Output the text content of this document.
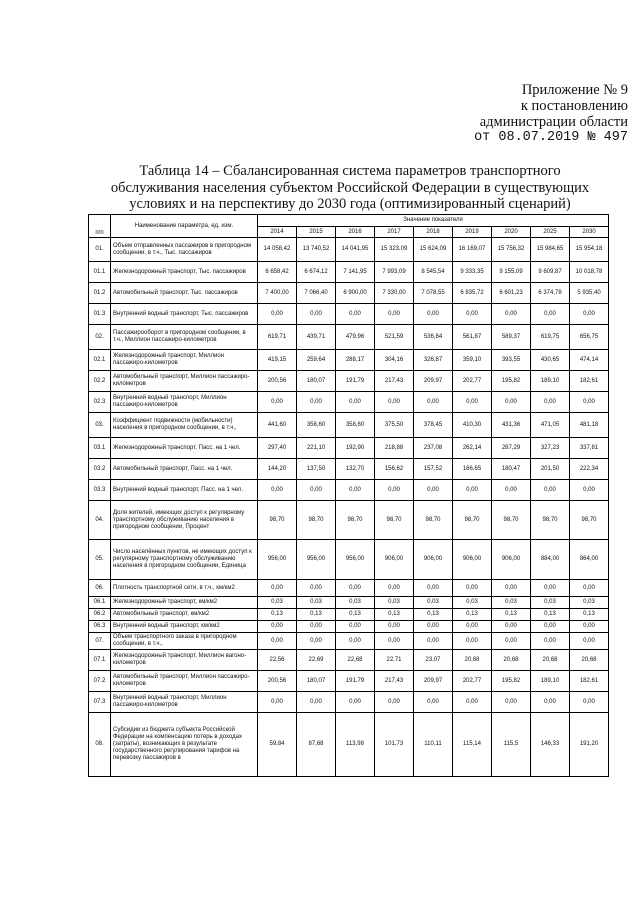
Приложение № 9
к постановлению
администрации области
от 08.07.2019 № 497
Таблица 14 – Сбалансированная система параметров транспортного обслуживания населения субъектом Российской Федерации в существующих условиях и на перспективу до 2030 года (оптимизированный сценарий)
п/п	Наименование параметра, ед. изм.	Значение показателя								
		2014	2015	2016	2017	2018	2019	2020	2025	2030
01.	Объем отправленных пассажиров в пригородном сообщении, в т.ч., Тыс. пассажиров	14 058,42	13 740,52	14 041,95	15 323,09	15 624,09	16 169,07	15 756,32	15 984,65	15 954,18
01.1	Железнодорожный транспорт, Тыс. пассажиров	6 658,42	6 674,12	7 141,95	7 993,09	8 545,54	9 333,35	9 155,09	9 609,87	10 018,78
01.2	Автомобильный транспорт, Тыс. пассажиров	7 400,00	7 066,40	6 900,00	7 330,00	7 078,55	6 835,72	6 601,23	6 374,78	5 935,40
01.3	Внутренний водный транспорт, Тыс. пассажиров	0,00	0,00	0,00	0,00	0,00	0,00	0,00	0,00	0,00
02.	Пассажирооборот в пригородном сообщении, в т.ч., Миллион пассажиро-километров	619,71	439,71	479,96	521,59	536,84	561,87	589,37	619,75	656,75
02.1	Железнодорожный транспорт, Миллион пассажиро-километров	419,15	259,64	288,17	304,16	326,87	359,10	393,55	430,65	474,14
02.2	Автомобильный транспорт, Миллион пассажиро-километров	200,56	180,07	191,79	217,43	209,97	202,77	195,82	189,10	182,61
02.3	Внутренний водный транспорт, Миллион пассажиро-километров	0,00	0,00	0,00	0,00	0,00	0,00	0,00	0,00	0,00
03.	Коэффициент подвижности (мобильности) населения в пригородном сообщении, в т.ч.,	441,60	358,60	358,60	375,50	378,45	410,30	431,36	471,05	481,18
03.1	Железнодорожный транспорт, Пасс. на 1 чел.	297,40	221,10	192,90	218,88	237,08	262,14	287,29	327,23	337,81
03.2	Автомобильный транспорт, Пасс. на 1 чел.	144,20	137,50	132,70	156,62	157,52	166,65	180,47	201,50	222,34
03.3	Внутренний водный транспорт, Пасс. на 1 чел.	0,00	0,00	0,00	0,00	0,00	0,00	0,00	0,00	0,00
04.	Доля жителей, имеющих доступ к регулярному транспортному обслуживанию населения в пригородном сообщении, Процент	98,70	98,70	98,70	98,70	98,70	98,70	98,70	98,70	98,70
05.	Число населённых пунктов, не имеющих доступ к регулярному транспортному обслуживанию населения в пригородном сообщении, Единица	956,00	956,00	956,00	906,00	906,00	906,00	906,00	884,00	864,00
06.	Плотность транспортной сети, в т.ч., км/км2	0,00	0,00	0,00	0,00	0,00	0,00	0,00	0,00	0,00
06.1	Железнодорожный транспорт, км/км2	0,03	0,03	0,03	0,03	0,03	0,03	0,03	0,03	0,03
06.2	Автомобильный транспорт, км/км2	0,13	0,13	0,13	0,13	0,13	0,13	0,13	0,13	0,13
06.3	Внутренний водный транспорт, км/км2	0,00	0,00	0,00	0,00	0,00	0,00	0,00	0,00	0,00
07.	Объем транспортного заказа в пригородном сообщении, в т.ч.,	0,00	0,00	0,00	0,00	0,00	0,00	0,00	0,00	0,00
07.1	Железнодорожный транспорт, Миллион вагоно-километров	22,56	22,69	22,68	22,71	23,07	20,68	20,68	20,68	20,68
07.2	Автомобильный транспорт, Миллион пассажиро-километров	200,56	180,07	191,79	217,43	209,97	202,77	195,82	189,10	182,61
07.3	Внутренний водный транспорт, Миллион пассажиро-километров	0,00	0,00	0,00	0,00	0,00	0,00	0,00	0,00	0,00
08.	Субсидии из бюджета субъекта Российской Федерации на компенсацию потерь в доходах (затраты), возникающих в результате государственного регулирования тарифов на перевозку пассажиров в	59,84	87,68	113,98	101,73	110,11	115,14	115,5	146,33	191,20
